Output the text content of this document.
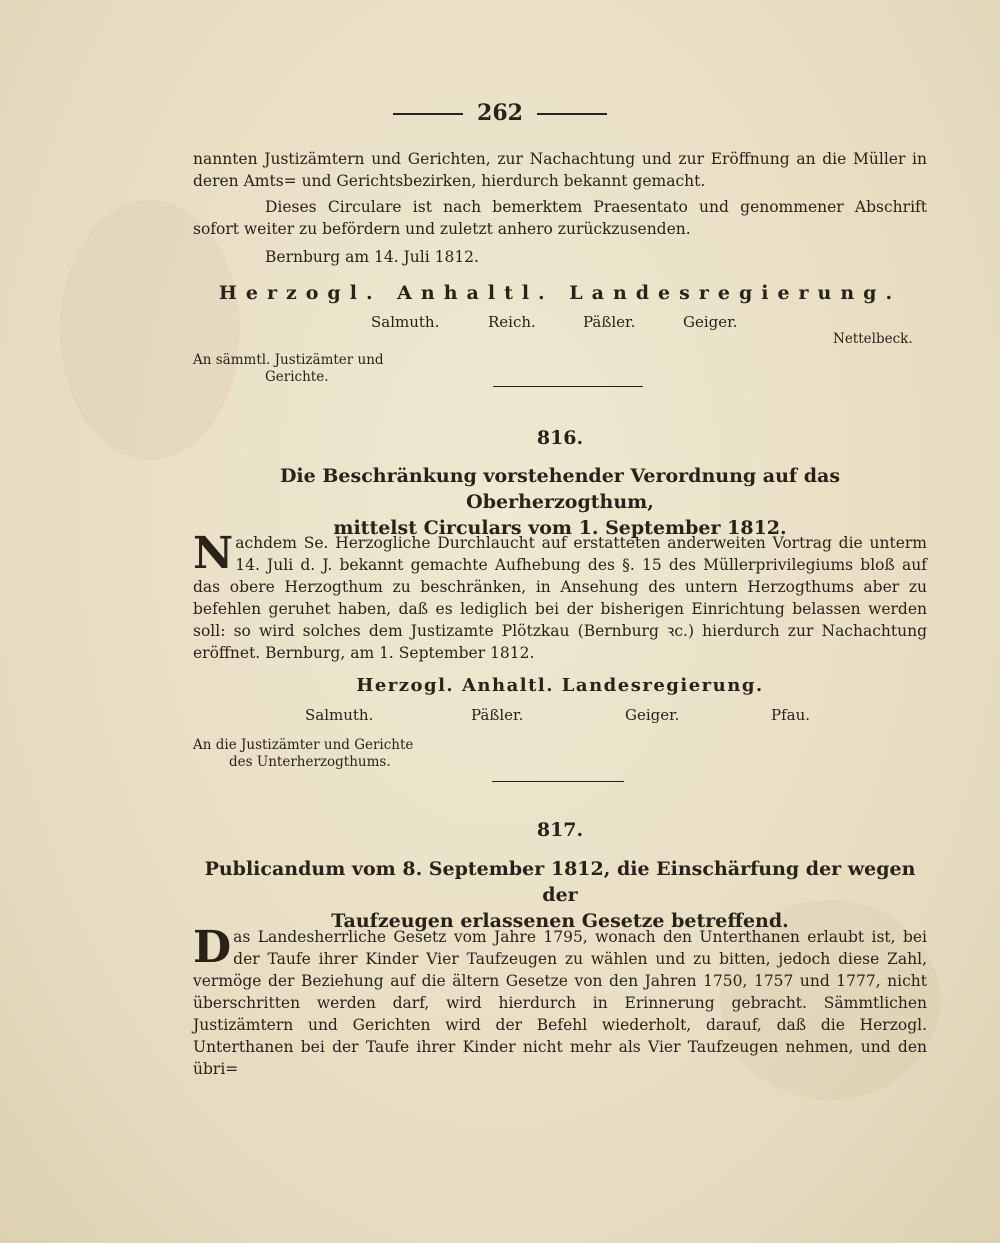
262

nannten Justizämtern und Gerichten, zur Nachachtung und zur Eröffnung an die Müller in deren Amts= und Gerichtsbezirken, hierdurch bekannt gemacht.

Dieses Circulare ist nach bemerktem Praesentato und genommener Abschrift sofort weiter zu befördern und zuletzt anhero zurückzusenden.

Bernburg am 14. Juli 1812.

Herzogl. Anhaltl. Landesregierung.
Salmuth.	Reich.	Päßler.	Geiger.
Nettelbeck.
An sämmtl. Justizämter und
Gerichte.
816.
Die Beschränkung vorstehender Verordnung auf das Oberherzogthum,
mittelst Circulars vom 1. September 1812.
Nachdem Se. Herzogliche Durchlaucht auf erstatteten anderweiten Vortrag die unterm 14. Juli d. J. bekannt gemachte Aufhebung des §. 15 des Müllerprivilegiums bloß auf das obere Herzogthum zu beschränken, in Ansehung des untern Herzogthums aber zu befehlen geruhet haben, daß es lediglich bei der bisherigen Einrichtung belassen werden soll: so wird solches dem Justizamte Plötzkau (Bernburg ꝛc.) hierdurch zur Nachachtung eröffnet. Bernburg, am 1. September 1812.
Herzogl. Anhaltl. Landesregierung.
Salmuth.	Päßler.	Geiger.	Pfau.
An die Justizämter und Gerichte
des Unterherzogthums.
817.
Publicandum vom 8. September 1812, die Einschärfung der wegen der
Taufzeugen erlassenen Gesetze betreffend.
Das Landesherrliche Gesetz vom Jahre 1795, wonach den Unterthanen erlaubt ist, bei der Taufe ihrer Kinder Vier Taufzeugen zu wählen und zu bitten, jedoch diese Zahl, vermöge der Beziehung auf die ältern Gesetze von den Jahren 1750, 1757 und 1777, nicht überschritten werden darf, wird hierdurch in Erinnerung gebracht. Sämmtlichen Justizämtern und Gerichten wird der Befehl wiederholt, darauf, daß die Herzogl. Unterthanen bei der Taufe ihrer Kinder nicht mehr als Vier Taufzeugen nehmen, und den übri=
